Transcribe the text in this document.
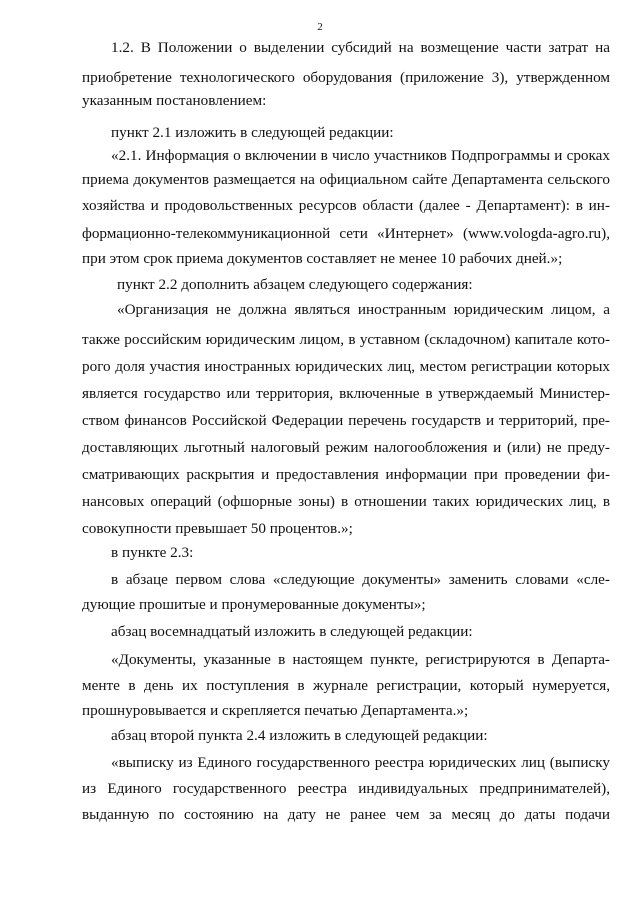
2
1.2. В Положении о выделении субсидий на возмещение части затрат на
приобретение технологического оборудования (приложение 3), утвержденном
указанным постановлением:
пункт 2.1 изложить в следующей редакции:
«2.1. Информация о включении в число участников Подпрограммы и сроках
приема документов размещается на официальном сайте Департамента сельского
хозяйства и продовольственных ресурсов области (далее - Департамент): в ин-
формационно-телекоммуникационной сети «Интернет» (www.vologda-agro.ru),
при этом срок приема документов составляет не менее 10 рабочих дней.»;
пункт 2.2 дополнить абзацем следующего содержания:
«Организация не должна являться иностранным юридическим лицом, а
также российским юридическим лицом, в уставном (складочном) капитале кото-
рого доля участия иностранных юридических лиц, местом регистрации которых
является государство или территория, включенные в утверждаемый Министер-
ством финансов Российской Федерации перечень государств и территорий, пре-
доставляющих льготный налоговый режим налогообложения и (или) не преду-
сматривающих раскрытия и предоставления информации при проведении фи-
нансовых операций (офшорные зоны) в отношении таких юридических лиц, в
совокупности превышает 50 процентов.»;
в пункте 2.3:
в абзаце первом слова «следующие документы» заменить словами «сле-
дующие прошитые и пронумерованные документы»;
абзац восемнадцатый изложить в следующей редакции:
«Документы, указанные в настоящем пункте, регистрируются в Департа-
менте в день их поступления в журнале регистрации, который нумеруется,
прошнуровывается и скрепляется печатью Департамента.»;
абзац второй пункта 2.4 изложить в следующей редакции:
«выписку из Единого государственного реестра юридических лиц (выписку
из Единого государственного реестра индивидуальных предпринимателей),
выданную по состоянию на дату не ранее чем за месяц до даты подачи
